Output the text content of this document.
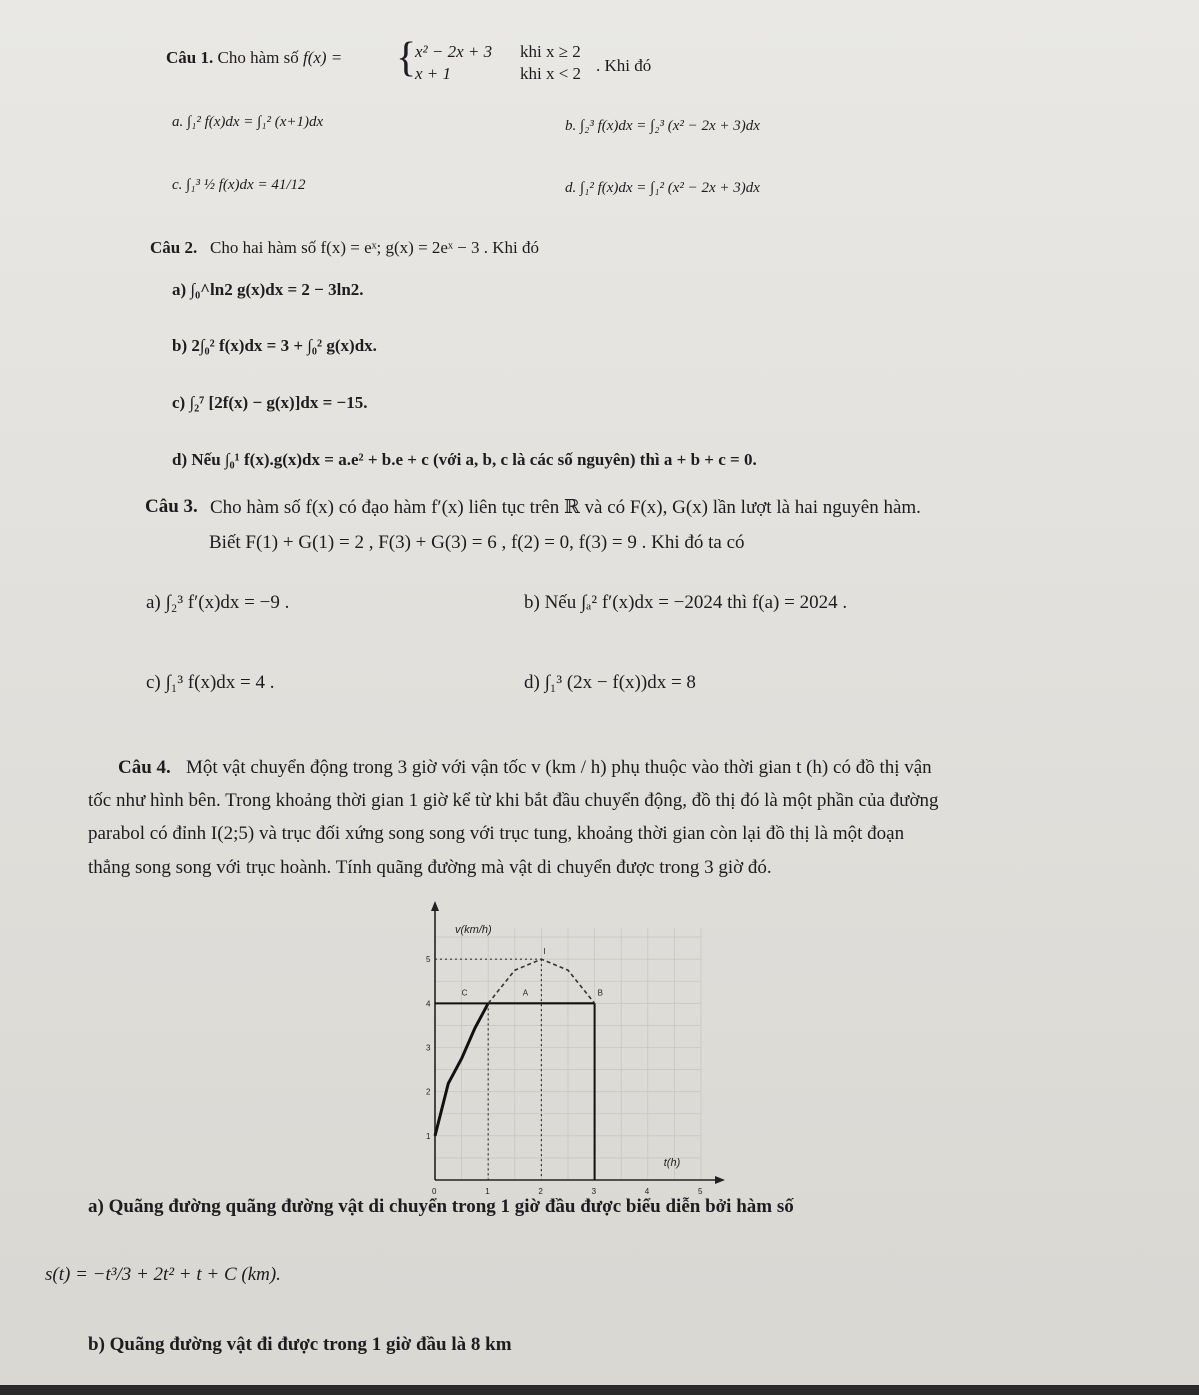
Câu 1. Cho hàm số f(x) = {
x² − 2x + 3 khi x ≥ 2
x + 1	khi x < 2 . Khi đó
a. ∫₁² f(x)dx = ∫₁² (x+1)dx	b. ∫₂³ f(x)dx = ∫₂³ (x² − 2x + 3)dx
c. ∫₁³ ½ f(x)dx = 41/12	d. ∫₁² f(x)dx = ∫₁² (x² − 2x + 3)dx
Câu 2. Cho hai hàm số f(x) = eˣ; g(x) = 2eˣ − 3 . Khi đó
a) ∫₀^ln2 g(x)dx = 2 − 3ln2.
b) 2∫₀² f(x)dx = 3 + ∫₀² g(x)dx.
c) ∫₂⁷ [2f(x) − g(x)]dx = −15.
d) Nếu ∫₀¹ f(x).g(x)dx = a.e² + b.e + c (với a, b, c là các số nguyên) thì a + b + c = 0.
Câu 3. Cho hàm số f(x) có đạo hàm f′(x) liên tục trên ℝ và có F(x), G(x) lần lượt là hai nguyên hàm.
Biết F(1) + G(1) = 2 , F(3) + G(3) = 6 , f(2) = 0, f(3) = 9 . Khi đó ta có
a) ∫₂³ f′(x)dx = −9 .	b) Nếu ∫ₐ² f′(x)dx = −2024 thì f(a) = 2024 .
c) ∫₁³ f(x)dx = 4 .	d) ∫₁³ (2x − f(x))dx = 8
Câu 4. Một vật chuyển động trong 3 giờ với vận tốc v (km / h) phụ thuộc vào thời gian t (h) có đồ thị vận
tốc như hình bên. Trong khoảng thời gian 1 giờ kể từ khi bắt đầu chuyển động, đồ thị đó là một phần của đường
parabol có đỉnh I(2;5) và trục đối xứng song song với trục tung, khoảng thời gian còn lại đồ thị là một đoạn
thẳng song song với trục hoành. Tính quãng đường mà vật di chuyển được trong 3 giờ đó.
0	1	2	3	4	5
1
2
3
4
5
v(km/h)
t(h)
A	B
C
I
a) Quãng đường quãng đường vật di chuyển trong 1 giờ đầu được biểu diễn bởi hàm số
s(t) = −t³/3 + 2t² + t + C (km).
b) Quãng đường vật đi được trong 1 giờ đầu là 8 km
